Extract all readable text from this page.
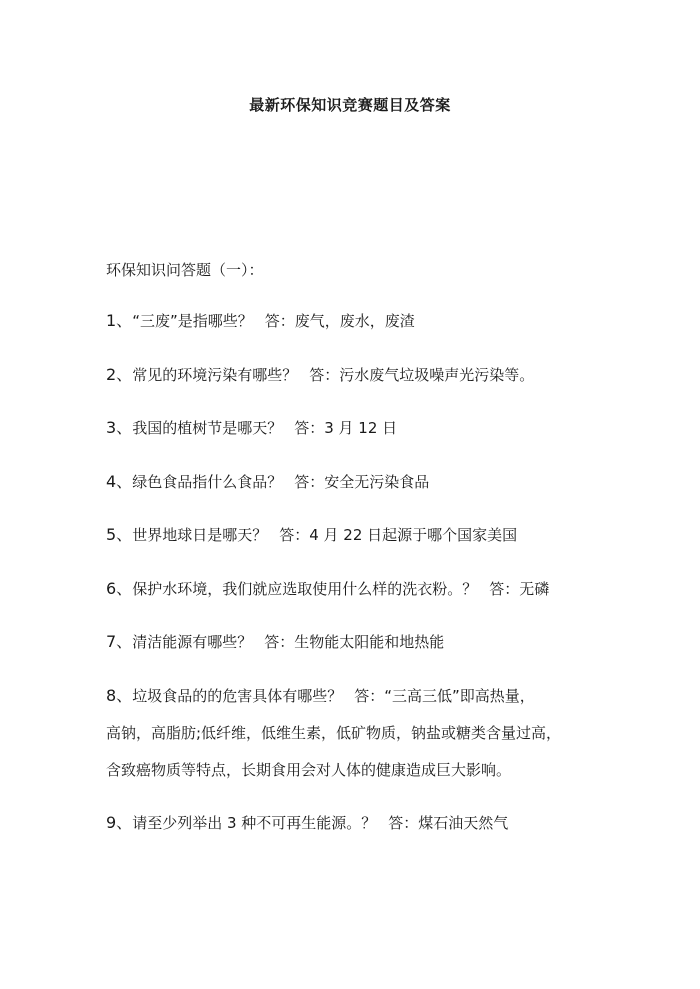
最新环保知识竞赛题目及答案
环保知识问答题（一）：
1、“三废”是指哪些？ 答：废气，废水，废渣
2、常见的环境污染有哪些？ 答：污水废气垃圾噪声光污染等。
3、我国的植树节是哪天？ 答：3 月 12 日
4、绿色食品指什么食品？ 答：安全无污染食品
5、世界地球日是哪天？ 答：4 月 22 日起源于哪个国家美国
6、保护水环境，我们就应选取使用什么样的洗衣粉。？ 答：无磷
7、清洁能源有哪些？ 答：生物能太阳能和地热能
8、垃圾食品的的危害具体有哪些？ 答：“三高三低”即高热量，
高钠，高脂肪;低纤维，低维生素，低矿物质，钠盐或糖类含量过高，
含致癌物质等特点，长期食用会对人体的健康造成巨大影响。
9、请至少列举出 3 种不可再生能源。？ 答：煤石油天然气
